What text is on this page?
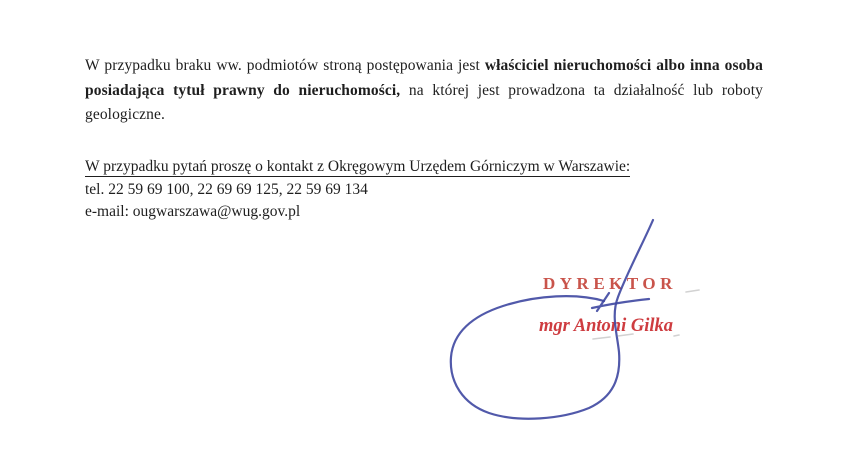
W przypadku braku ww. podmiotów stroną postępowania jest właściciel nieruchomości albo inna osoba posiadająca tytuł prawny do nieruchomości, na której jest prowadzona ta działalność lub roboty geologiczne.

W przypadku pytań proszę o kontakt z Okręgowym Urzędem Górniczym w Warszawie:
tel. 22 59 69 100, 22 69 69 125, 22 59 69 134
e-mail: ougwarszawa@wug.gov.pl
DYREKTOR
mgr Antoni Gilka
